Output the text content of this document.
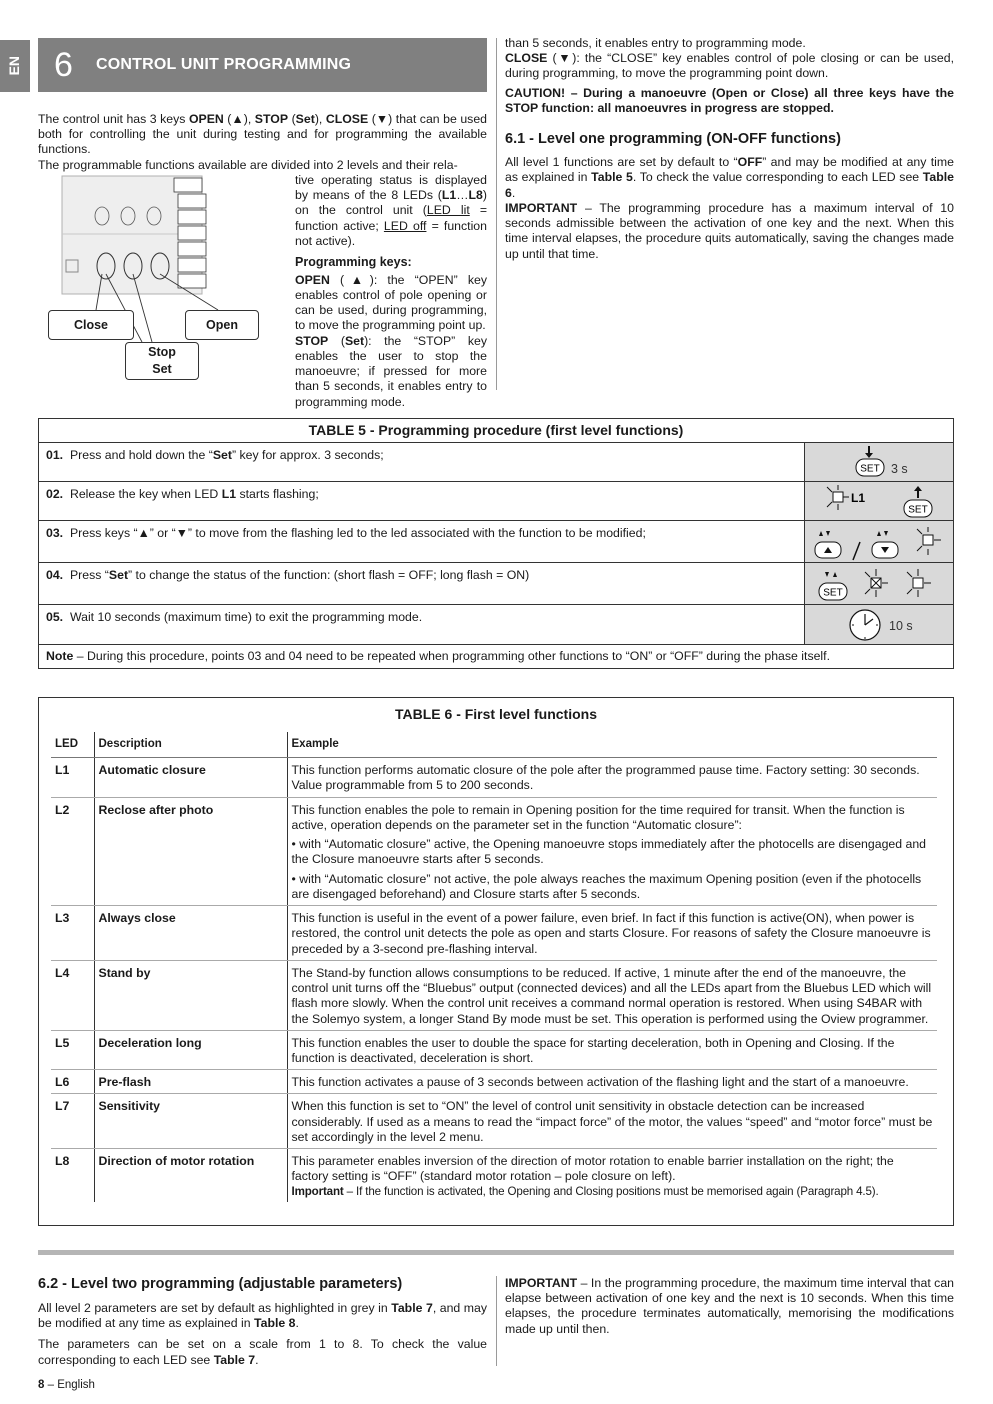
EN 6	CONTROL UNIT PROGRAMMING

The control unit has 3 keys OPEN (▲), STOP (Set), CLOSE (▼) that can be used both for controlling the unit during testing and for programming the available functions.

The programmable functions available are divided into 2 levels and their rela-

tive operating status is displayed by means of the 8 LEDs (L1…L8) on the control unit (LED lit = function active; LED off = function not active).

Programming keys:

OPEN (▲): the “OPEN” key enables control of pole opening or can be used, during programming, to move the programming point up.

STOP (Set): the “STOP” key enables the user to stop the manoeuvre; if pressed for more than 5 seconds, it enables entry to programming mode.

Close	Open
Stop
Set

than 5 seconds, it enables entry to programming mode.

CLOSE (▼): the “CLOSE” key enables control of pole closing or can be used, during programming, to move the programming point down.

CAUTION! – During a manoeuvre (Open or Close) all three keys have the STOP function: all manoeuvres in progress are stopped.

6.1 - Level one programming (ON-OFF functions)

All level 1 functions are set by default to “OFF” and may be modified at any time as explained in Table 5. To check the value corresponding to each LED see Table 6.

IMPORTANT – The programming procedure has a maximum interval of 10 seconds admissible between the activation of one key and the next. When this time interval elapses, the procedure quits automatically, saving the changes made up until that time.

TABLE 5 - Programming procedure (first level functions)	
01. Press and hold down the “Set” key for approx. 3 seconds;	SET 3 s

02. Release the key when LED L1 starts flashing;	L1
SET

03. Press keys “▲” or “▼” to move from the flashing led to the led associated with the function to be modified;	

04. Press “Set” to change the status of the function: (short flash = OFF; long flash = ON)	SET

05. Wait 10 seconds (maximum time) to exit the programming mode.	10 s

Note – During this procedure, points 03 and 04 need to be repeated when programming other functions to “ON” or “OFF” during the phase itself.	
TABLE 6 - First level functions
LED	Description	Example
L1	Automatic closure	This function performs automatic closure of the pole after the programmed pause time. Factory setting: 30 seconds. Value programmable from 5 to 200 seconds.

L2	Reclose after photo	This function enables the pole to remain in Opening position for the time required for transit. When the function is active, operation depends on the parameter set in the function “Automatic closure”:

• with “Automatic closure” active, the Opening manoeuvre stops immediately after the photocells are disengaged and the Closure manoeuvre starts after 5 seconds.

• with “Automatic closure” not active, the pole always reaches the maximum Opening position (even if the photocells are disengaged beforehand) and Closure starts after 5 seconds.

L3	Always close	This function is useful in the event of a power failure, even brief. In fact if this function is active(ON), when power is restored, the control unit detects the pole as open and starts Closure. For reasons of safety the Closure manoeuvre is preceded by a 3-second pre-flashing interval.

L4	Stand by	The Stand-by function allows consumptions to be reduced. If active, 1 minute after the end of the manoeuvre, the control unit turns off the “Bluebus” output (connected devices) and all the LEDs apart from the Bluebus LED which will flash more slowly. When the control unit receives a command normal operation is restored. When using S4BAR with the Solemyo system, a longer Stand By mode must be set. This operation is performed using the Oview programmer.

L5	Deceleration long	This function enables the user to double the space for starting deceleration, both in Opening and Closing. If the function is deactivated, deceleration is short.

L6	Pre-flash	This function activates a pause of 3 seconds between activation of the flashing light and the start of a manoeuvre.

L7	Sensitivity	When this function is set to “ON” the level of control unit sensitivity in obstacle detection can be increased considerably. If used as a means to read the “impact force” of the motor, the values “speed” and “motor force” must be set accordingly in the level 2 menu.

L8	Direction of motor rotation	This parameter enables inversion of the direction of motor rotation to enable barrier installation on the right; the factory setting is “OFF” (standard motor rotation – pole closure on left).

Important – If the function is activated, the Opening and Closing positions must be memorised again (Paragraph 4.5).

6.2 - Level two programming (adjustable parameters)

All level 2 parameters are set by default as highlighted in grey in Table 7, and may be modified at any time as explained in Table 8.

The parameters can be set on a scale from 1 to 8. To check the value corresponding to each LED see Table 7.

IMPORTANT – In the programming procedure, the maximum time interval that can elapse between activation of one key and the next is 10 seconds. When this time elapses, the procedure terminates automatically, memorising the modifications made up until then.

8 – English
